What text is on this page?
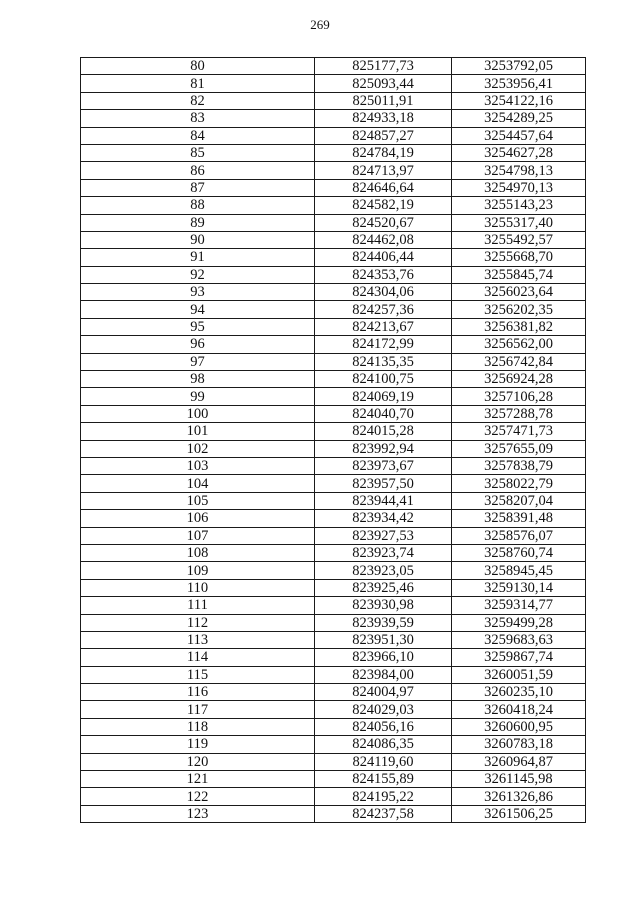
269
80	825177,73	3253792,05
81	825093,44	3253956,41
82	825011,91	3254122,16
83	824933,18	3254289,25
84	824857,27	3254457,64
85	824784,19	3254627,28
86	824713,97	3254798,13
87	824646,64	3254970,13
88	824582,19	3255143,23
89	824520,67	3255317,40
90	824462,08	3255492,57
91	824406,44	3255668,70
92	824353,76	3255845,74
93	824304,06	3256023,64
94	824257,36	3256202,35
95	824213,67	3256381,82
96	824172,99	3256562,00
97	824135,35	3256742,84
98	824100,75	3256924,28
99	824069,19	3257106,28
100	824040,70	3257288,78
101	824015,28	3257471,73
102	823992,94	3257655,09
103	823973,67	3257838,79
104	823957,50	3258022,79
105	823944,41	3258207,04
106	823934,42	3258391,48
107	823927,53	3258576,07
108	823923,74	3258760,74
109	823923,05	3258945,45
110	823925,46	3259130,14
111	823930,98	3259314,77
112	823939,59	3259499,28
113	823951,30	3259683,63
114	823966,10	3259867,74
115	823984,00	3260051,59
116	824004,97	3260235,10
117	824029,03	3260418,24
118	824056,16	3260600,95
119	824086,35	3260783,18
120	824119,60	3260964,87
121	824155,89	3261145,98
122	824195,22	3261326,86
123	824237,58	3261506,25
